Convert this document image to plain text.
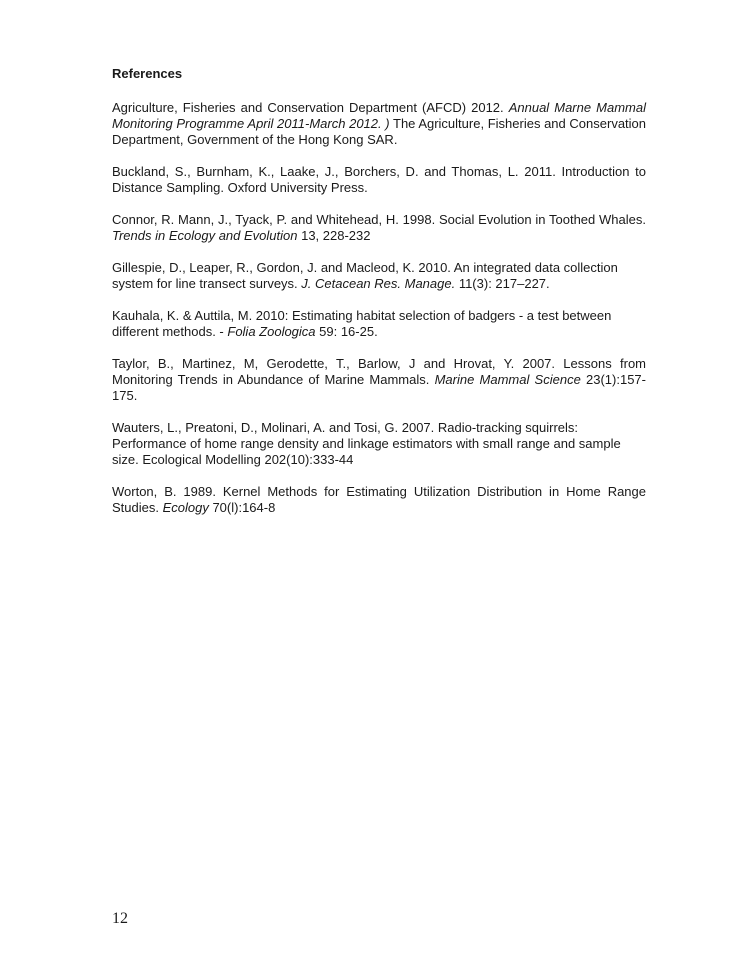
References

Agriculture, Fisheries and Conservation Department (AFCD) 2012. Annual Marne Mammal Monitoring Programme April 2011-March 2012. ) The Agriculture, Fisheries and Conservation Department, Government of the Hong Kong SAR.

Buckland, S., Burnham, K., Laake, J., Borchers, D. and Thomas, L. 2011. Introduction to Distance Sampling. Oxford University Press.

Connor, R. Mann, J., Tyack, P. and Whitehead, H. 1998. Social Evolution in Toothed Whales. Trends in Ecology and Evolution 13, 228-232

Gillespie, D., Leaper, R., Gordon, J. and Macleod, K. 2010. An integrated data collection system for line transect surveys. J. Cetacean Res. Manage. 11(3): 217–227.

Kauhala, K. & Auttila, M. 2010: Estimating habitat selection of badgers - a test between different methods. - Folia Zoologica 59: 16-25.

Taylor, B., Martinez, M, Gerodette, T., Barlow, J and Hrovat, Y. 2007. Lessons from Monitoring Trends in Abundance of Marine Mammals. Marine Mammal Science 23(1):157-175.

Wauters, L., Preatoni, D., Molinari, A. and Tosi, G. 2007. Radio-tracking squirrels: Performance of home range density and linkage estimators with small range and sample size. Ecological Modelling 202(10):333-44

Worton, B. 1989. Kernel Methods for Estimating Utilization Distribution in Home Range Studies. Ecology 70(l):164-8

12
